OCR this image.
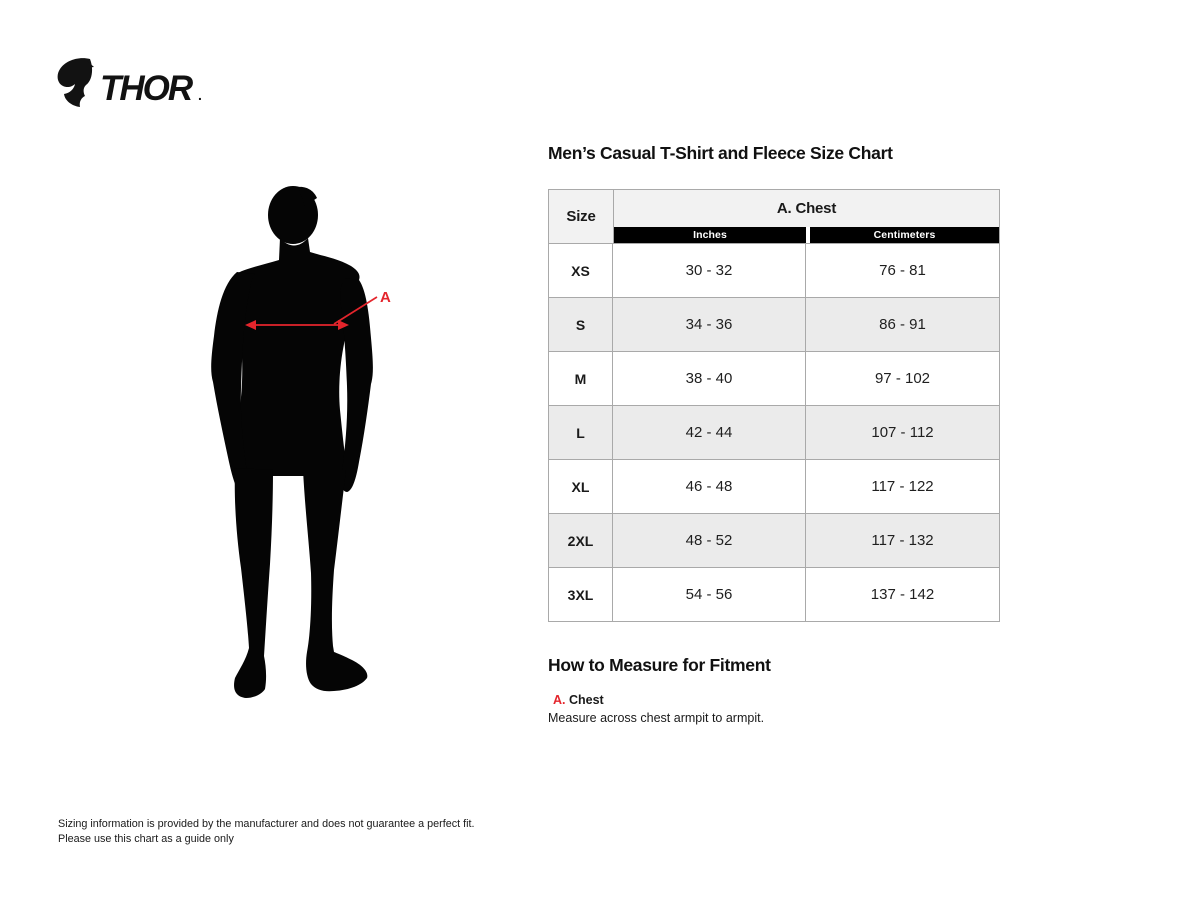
THOR .
A
Men’s Casual T-Shirt and Fleece Size Chart
Size	A. Chest
Inches	Centimeters
XS	30 - 32	76 - 81
S	34 - 36	86 - 91
M	38 - 40	97 - 102
L	42 - 44	107 - 112
XL	46 - 48	117 - 122
2XL	48 - 52	117 - 132
3XL	54 - 56	137 - 142
How to Measure for Fitment
A. Chest
Measure across chest armpit to armpit.
Sizing information is provided by the manufacturer and does not guarantee a perfect fit.
Please use this chart as a guide only
